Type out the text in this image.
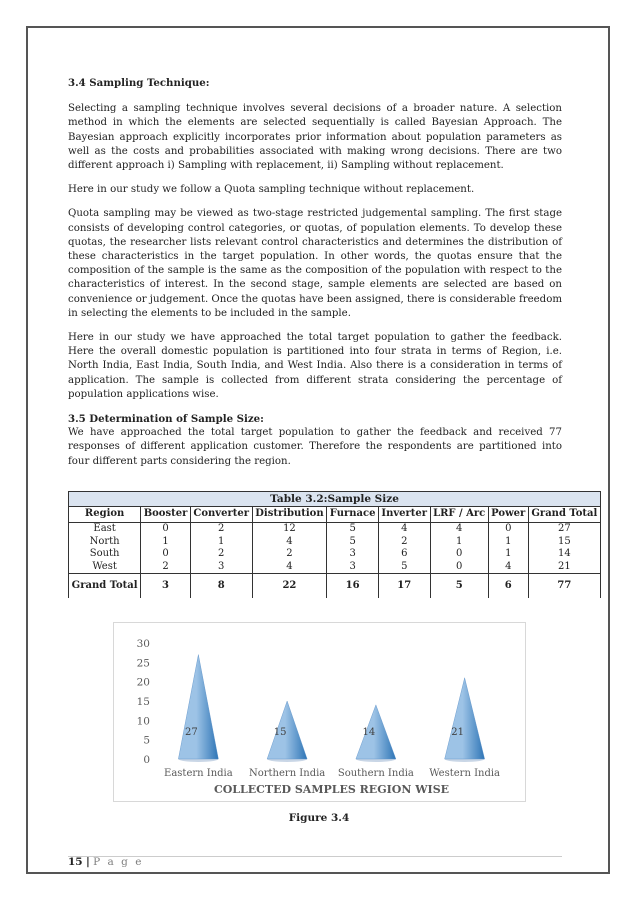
3.4 Sampling Technique:

Selecting a sampling technique involves several decisions of a broader nature. A selection method in which the elements are selected sequentially is called Bayesian Approach. The Bayesian approach explicitly incorporates prior information about population parameters as well as the costs and probabilities associated with making wrong decisions. There are two different approach i) Sampling with replacement, ii) Sampling without replacement.

Here in our study we follow a Quota sampling technique without replacement.

Quota sampling may be viewed as two-stage restricted judgemental sampling. The first stage consists of developing control categories, or quotas, of population elements. To develop these quotas, the researcher lists relevant control characteristics and determines the distribution of these characteristics in the target population. In other words, the quotas ensure that the composition of the sample is the same as the composition of the population with respect to the characteristics of interest. In the second stage, sample elements are selected are based on convenience or judgement. Once the quotas have been assigned, there is considerable freedom in selecting the elements to be included in the sample.

Here in our study we have approached the total target population to gather the feedback. Here the overall domestic population is partitioned into four strata in terms of Region, i.e. North India, East India, South India, and West India. Also there is a consideration in terms of application. The sample is collected from different strata considering the percentage of population applications wise.

3.5 Determination of Sample Size:

We have approached the total target population to gather the feedback and received 77 responses of different application customer. Therefore the respondents are partitioned into four different parts considering the region.

Table 3.2:Sample Size								
Region	Booster	Converter	Distribution	Furnace	Inverter	LRF / Arc	Power	Grand Total
East	0	2	12	5	4	4	0	27
North	1	1	4	5	2	1	1	15
South	0	2	2	3	6	0	1	14
West	2	3	4	3	5	0	4	21
Grand Total	3	8	22	16	17	5	6	77
0
5
10
15
20
25
30
27
Eastern India
15
Northern India
14
Southern India
21
Western India
COLLECTED SAMPLES REGION WISE
Figure 3.4
15 | P a g e
